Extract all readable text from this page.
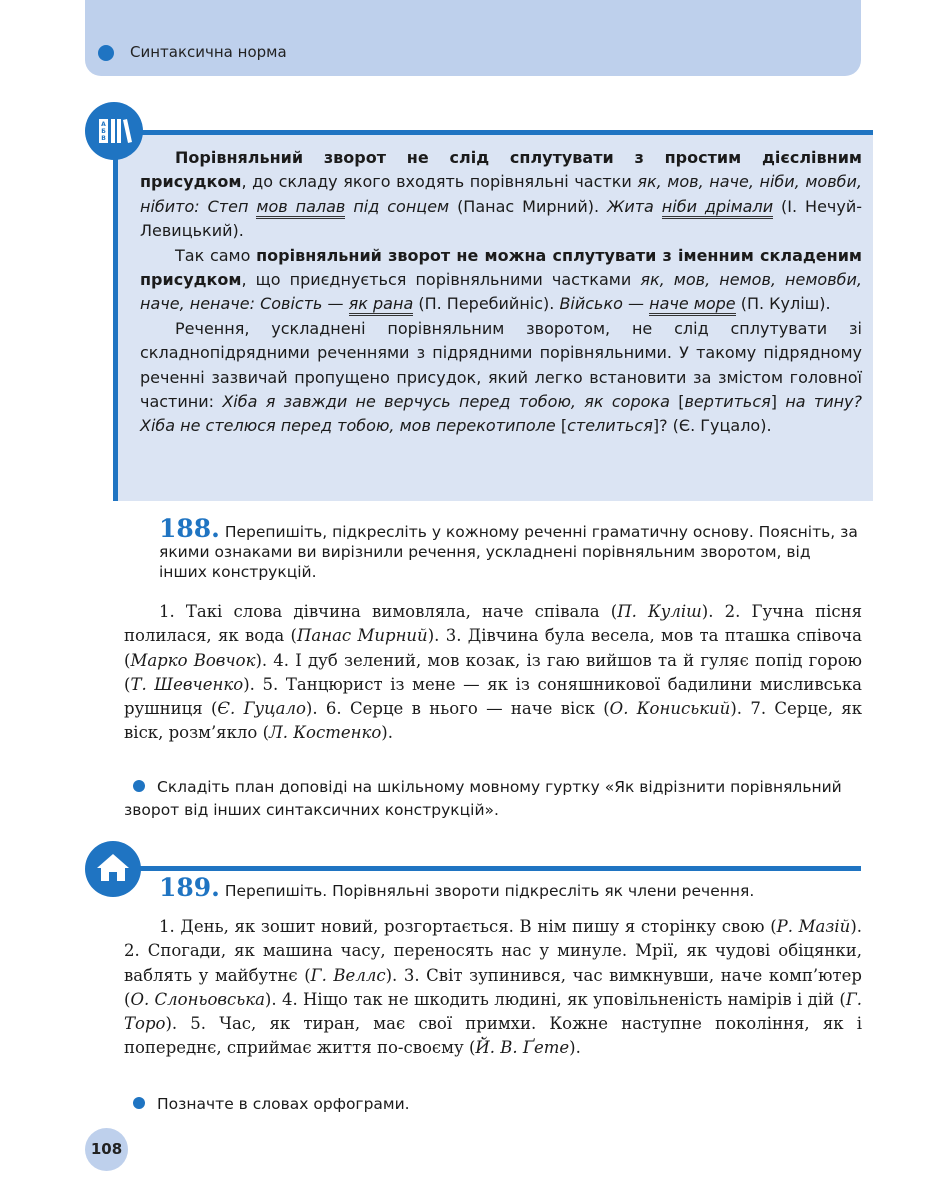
Синтаксична норма
А
Б
В

Порівняльний зворот не слід сплутувати з простим дієслівним присудком, до складу якого входять порівняльні частки як, мов, наче, ніби, мовби, нібито: Степ мов палав під сонцем (Панас Мирний). Жита ніби дрімали (І. Нечуй-Левицький).

Так само порівняльний зворот не можна сплутувати з іменним складеним присудком, що приєднується порівняльними частками як, мов, немов, немовби, наче, неначе: Совість — як рана (П. Перебийніс). Військо — наче море (П. Куліш).

Речення, ускладнені порівняльним зворотом, не слід сплутувати зі складнопідрядними реченнями з підрядними порівняльними. У такому підрядному реченні зазвичай пропущено присудок, який легко встановити за змістом головної частини: Хіба я завжди не верчусь перед тобою, як сорока [вертиться] на тину? Хіба не стелюся перед тобою, мов перекотиполе [стелиться]? (Є. Гуцало).

188. Перепишіть, підкресліть у кожному реченні граматичну основу. Поясніть, за якими ознаками ви вирізнили речення, ускладнені порівняльним зворотом, від інших конструкцій.

1. Такі слова дівчина вимовляла, наче співала (П. Куліш). 2. Гучна пісня полилася, як вода (Панас Мирний). 3. Дівчина була весела, мов та пташка співоча (Марко Вовчок). 4. І дуб зелений, мов козак, із гаю вийшов та й гуляє попід горою (Т. Шевченко). 5. Танцюрист із мене — як із соняшникової бадилини мисливська рушниця (Є. Гуцало). 6. Серце в нього — наче віск (О. Кониський). 7. Серце, як віск, розм’якло (Л. Костенко).

Складіть план доповіді на шкільному мовному гуртку «Як відрізнити порівняльний зворот від інших синтаксичних конструкцій».
189. Перепишіть. Порівняльні звороти підкресліть як члени речення.

1. День, як зошит новий, розгортається. В нім пишу я сторінку свою (Р. Мазій). 2. Спогади, як машина часу, переносять нас у минуле. Мрії, як чудові обіцянки, ваблять у майбутнє (Г. Веллс). 3. Світ зупинився, час вимкнувши, наче комп’ютер (О. Слоньовська). 4. Ніщо так не шкодить людині, як уповільненість намірів і дій (Г. Торо). 5. Час, як тиран, має свої примхи. Кожне наступне покоління, як і попереднє, сприймає життя по-своєму (Й. В. Ґете).

Позначте в словах орфограми.
108
